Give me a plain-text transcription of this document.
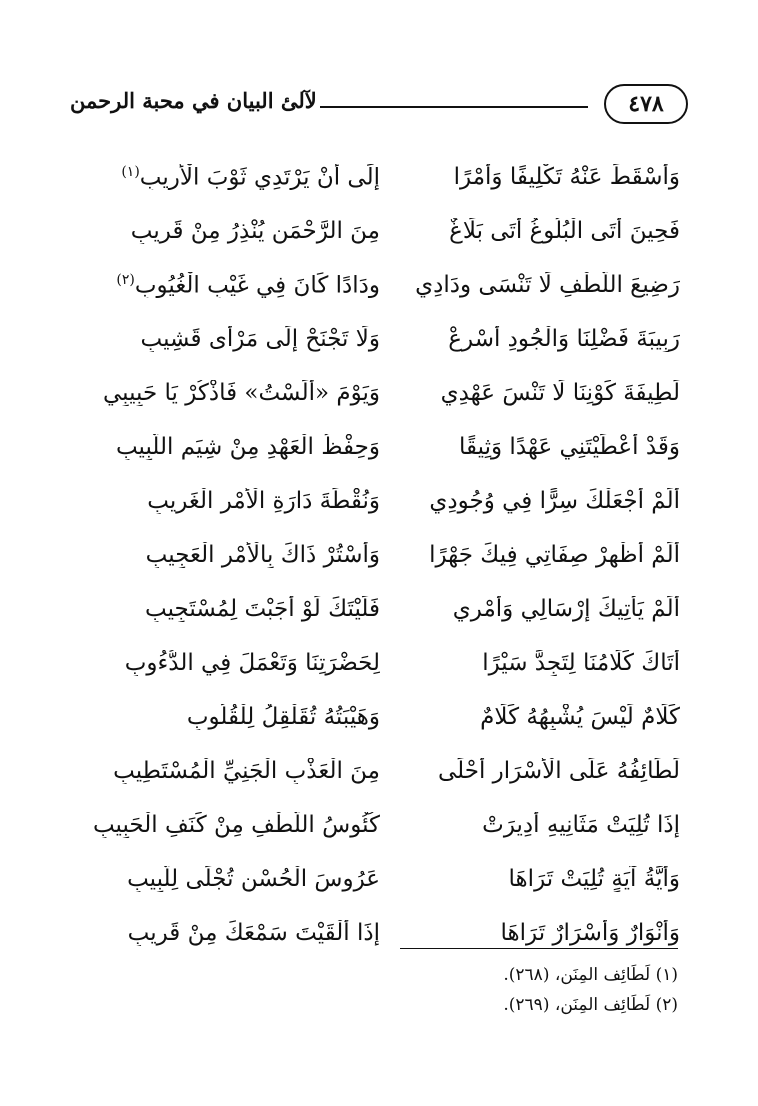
لآلئ البيان في محبة الرحمن	٤٧٨
وَأَسْقَطَ عَنْهُ تَكْلِيفًا وَأَمْرًا
إِلَى أَنْ يَرْتَدِي ثَوْبَ الْأَرِيبِ$^{(١)}$
فَحِينَ أَتَى الْبُلُوغُ أَتَى بَلَاغٌ
مِنَ الرَّحْمَنِ يُنْذِرُ مِنْ قَرِيبِ
رَضِيعَ اللُّطْفِ لَا تَنْسَى وِدَادِي
وِدَادًا كَانَ فِي غَيْبِ الْغُيُوبِ$^{(٢)}$
رَبِيبَةَ فَضْلِنَا وَالْجُودِ أَسْرِعْ
وَلَا تَجْنَحْ إِلَى مَرْأَى قَشِيبِ
لَطِيفَةَ كَوْنِنَا لَا تَنْسَ عَهْدِي
وَيَوْمَ «أَلَسْتُ» فَاذْكُرْ يَا حَبِيبِي
وَقَدْ أَعْطَيْتَنِي عَهْدًا وَثِيقًا
وَحِفْظُ الْعَهْدِ مِنْ شِيَمِ اللَّبِيبِ
أَلَمْ أَجْعَلْكَ سِرًّا فِي وُجُودِي
وَنُقْطَةَ دَارَةِ الْأَمْرِ الْغَرِيبِ
أَلَمْ أُظْهِرْ صِفَاتِي فِيكَ جَهْرًا
وَأَسْتُرْ ذَاكَ بِالْأَمْرِ الْعَجِيبِ
أَلَمْ يَأْتِيكَ إِرْسَالِي وَأَمْرِي
فَلَيْتَكَ لَوْ أَجَبْتَ لِمُسْتَجِيبِ
أَتَاكَ كَلَامُنَا لِتَجِدَّ سَيْرًا
لِحَضْرَتِنَا وَتَعْمَلَ فِي الدُّءُوبِ
كَلَامٌ لَيْسَ يُشْبِهُهُ كَلَامٌ
وَهَيْبَتُهُ تُقَلْقِلُ لِلْقُلُوبِ
لَطَائِفُهُ عَلَى الْأَسْرَارِ أَحْلَى
مِنَ الْعَذْبِ الْجَنِيِّ الْمُسْتَطِيبِ
إِذَا تُلِيَتْ مَثَانِيهِ أُدِيرَتْ
كُئُوسُ اللُّطْفِ مِنْ كَنَفِ الْحَبِيبِ
وَأَيَّةُ آيَةٍ تُلِيَتْ تَرَاهَا
عَرُوسَ الْحُسْنِ تُجْلَى لِلَّبِيبِ
وَأَنْوَارٌ وَأَسْرَارٌ تَرَاهَا
إِذَا أَلْقَيْتَ سَمْعَكَ مِنْ قَرِيبِ
(١) لَطَائِف المِنَن، (٢٦٨).
(٢) لَطَائِف المِنَن، (٢٦٩).
